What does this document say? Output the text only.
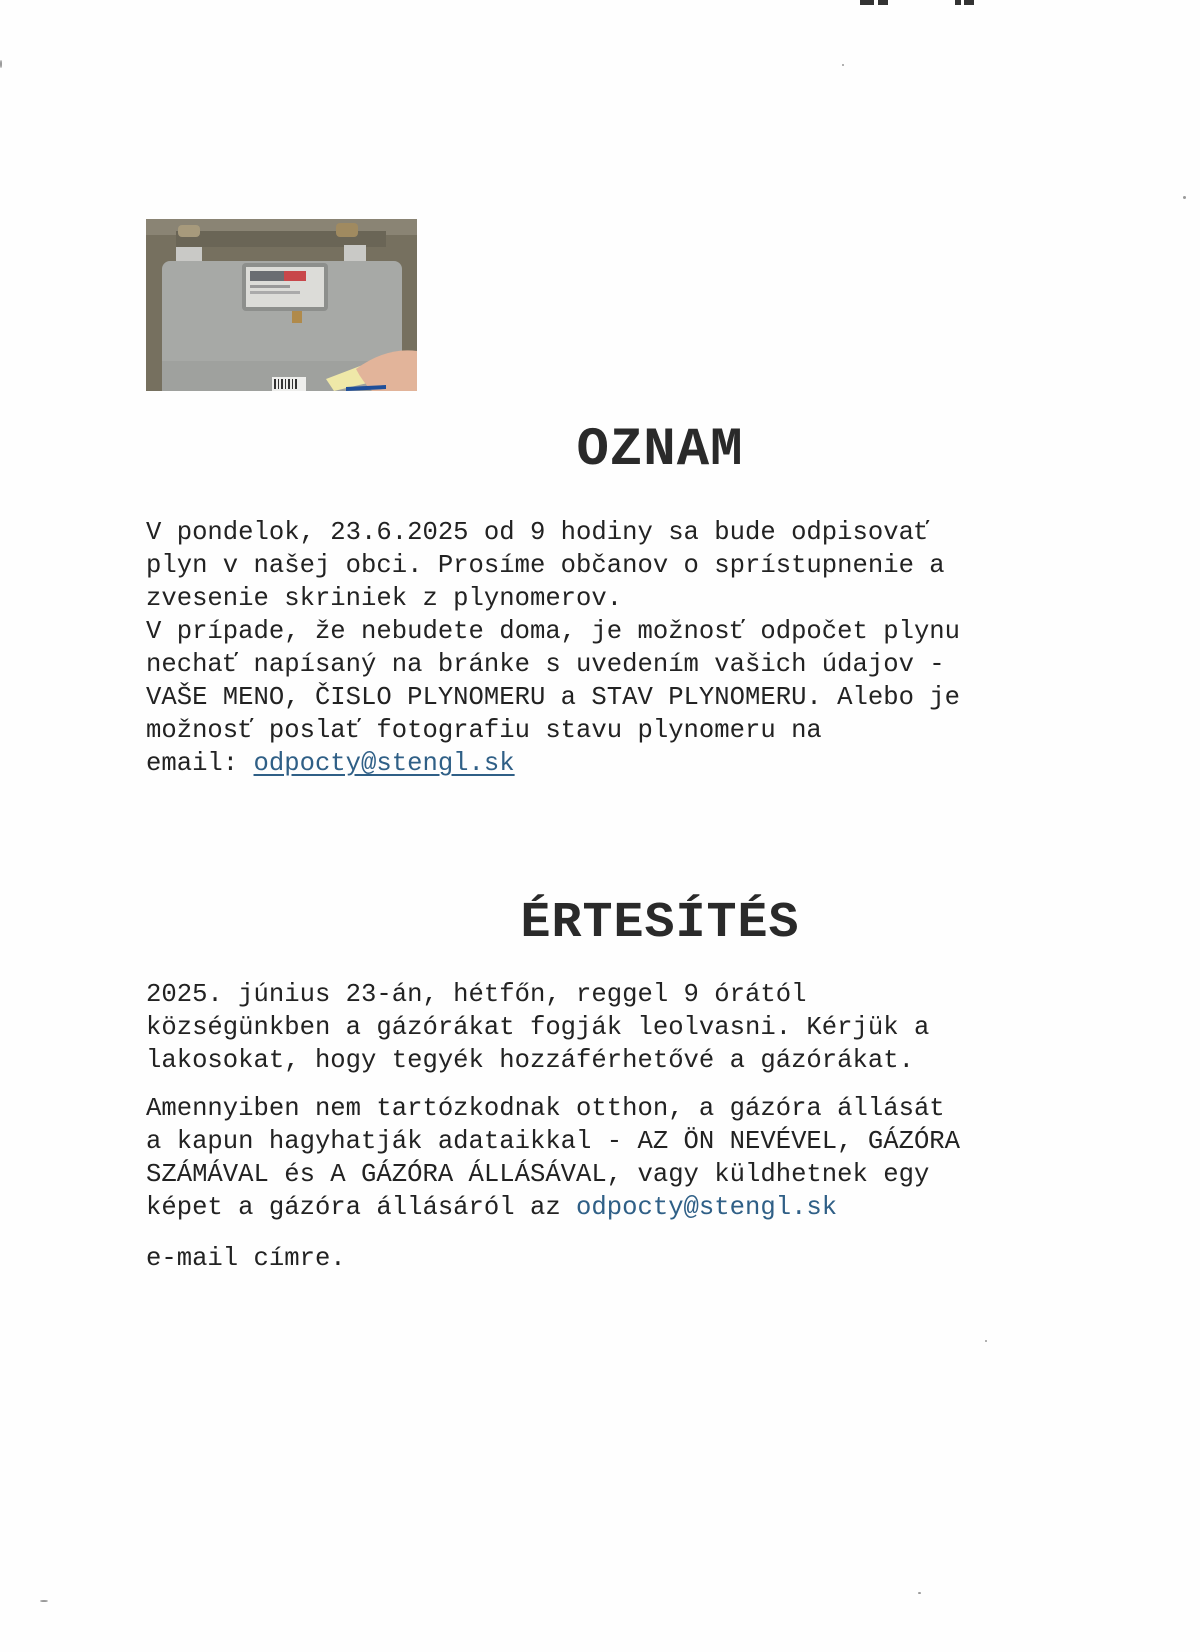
OZNAM
V pondelok, 23.6.2025 od 9 hodiny sa bude odpisovať
plyn v našej obci. Prosíme občanov o sprístupnenie a
zvesenie skriniek z plynomerov.
V prípade, že nebudete doma, je možnosť odpočet plynu
nechať napísaný na bránke s uvedením vašich údajov -
VAŠE MENO, ČISLO PLYNOMERU a STAV PLYNOMERU. Alebo je
možnosť poslať fotografiu stavu plynomeru na
email: odpocty@stengl.sk
ÉRTESÍTÉS
2025. június 23-án, hétfőn, reggel 9 órától
községünkben a gázórákat fogják leolvasni. Kérjük a
lakosokat, hogy tegyék hozzáférhetővé a gázórákat.
Amennyiben nem tartózkodnak otthon, a gázóra állását
a kapun hagyhatják adataikkal - AZ ÖN NEVÉVEL, GÁZÓRA
SZÁMÁVAL és A GÁZÓRA ÁLLÁSÁVAL, vagy küldhetnek egy
képet a gázóra állásáról az odpocty@stengl.sk
e-mail címre.
